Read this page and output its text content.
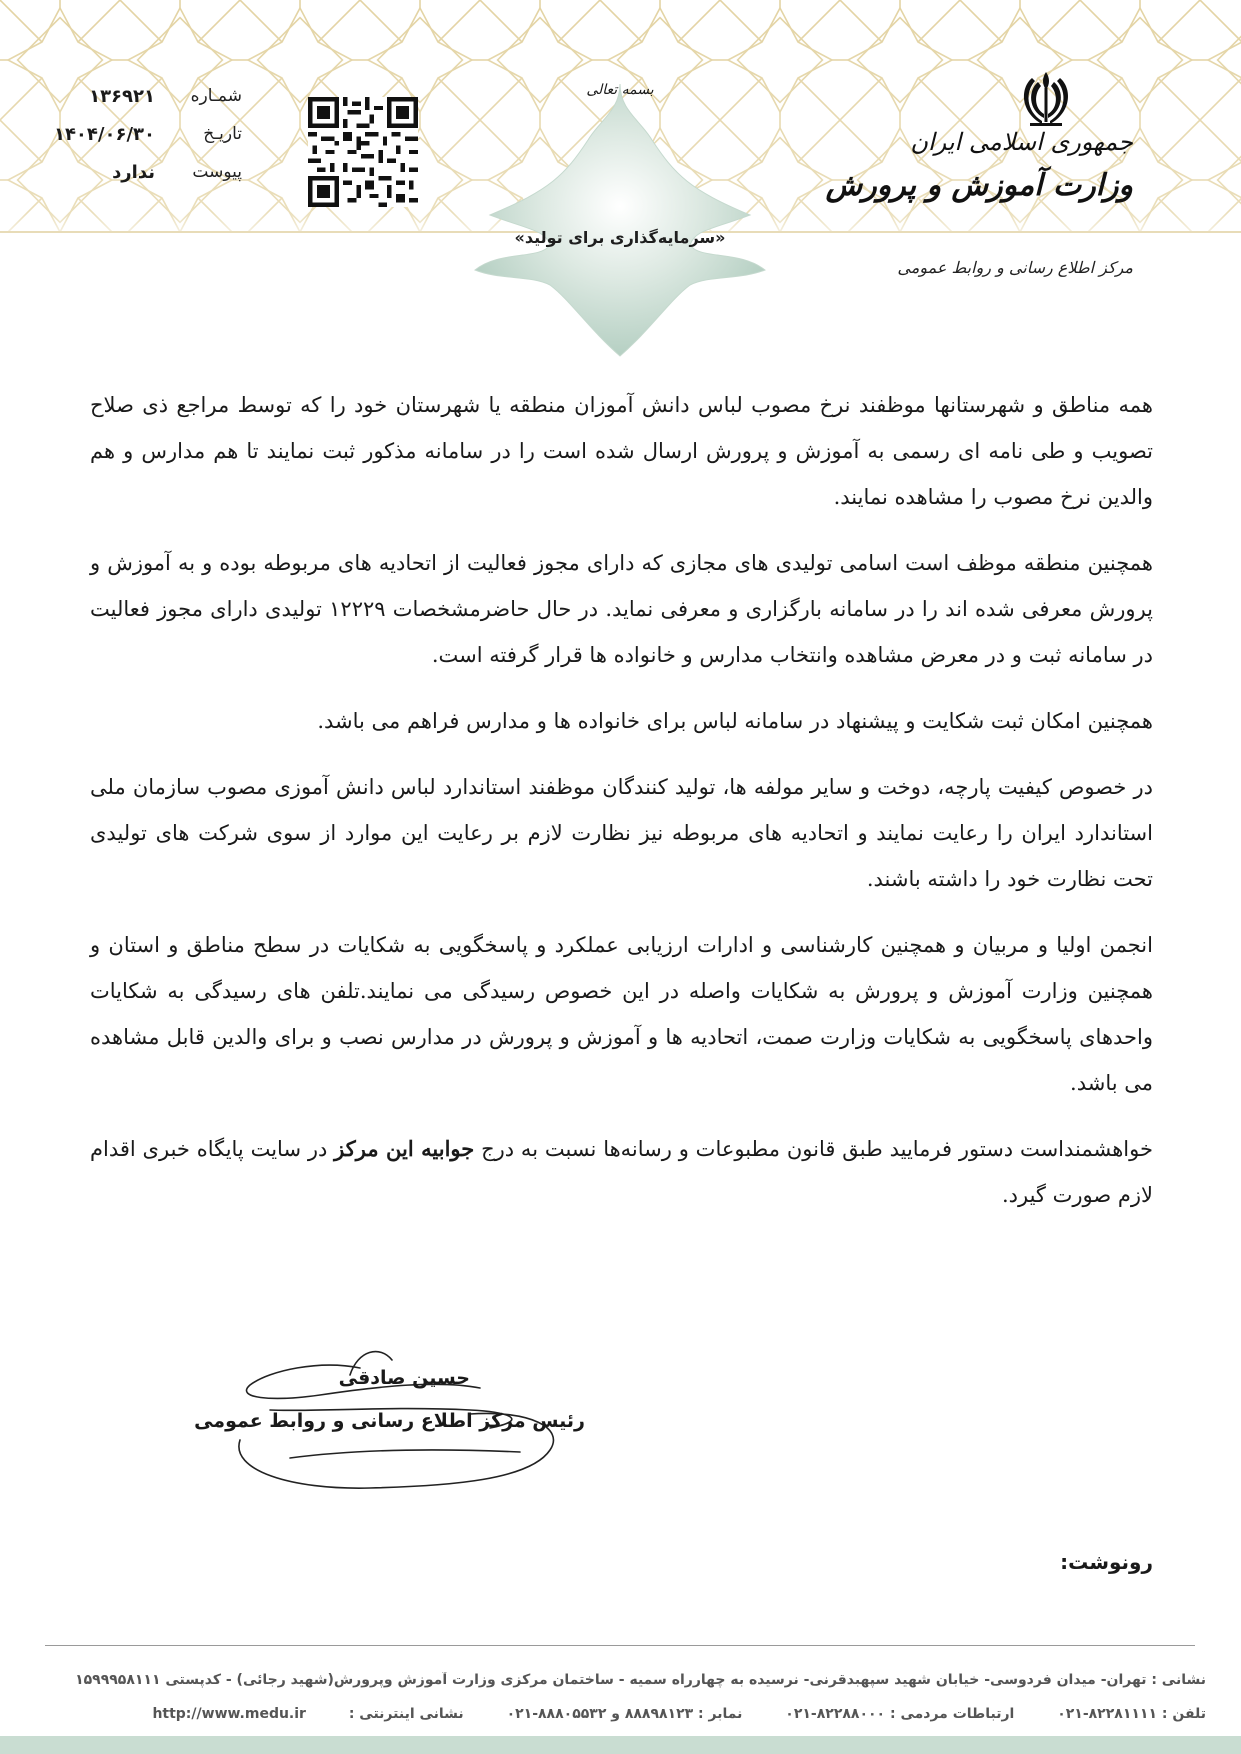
بسمه تعالی
«سرمایه‌گذاری برای تولید»
جمهوری اسلامی ایران
وزارت آموزش و پرورش
مرکز اطلاع رسانی و روابط عمومی
شمـاره
۱۳۶۹۲۱
تاریـخ
۱۴۰۴/۰۶/۳۰
پیوست
ندارد

همه مناطق و شهرستانها موظفند نرخ مصوب لباس دانش آموزان منطقه یا شهرستان خود را که توسط مراجع ذی صلاح تصویب و طی نامه ای رسمی به آموزش و پرورش ارسال شده است را در سامانه مذکور ثبت نمایند تا هم مدارس و هم والدین نرخ مصوب را مشاهده نمایند.

همچنین منطقه موظف است اسامی تولیدی های مجازی که دارای مجوز فعالیت از اتحادیه های مربوطه بوده و به آموزش و پرورش معرفی شده اند را در سامانه بارگزاری و معرفی نماید. در حال حاضرمشخصات ۱۲۲۲۹ تولیدی دارای مجوز فعالیت در سامانه ثبت و در معرض مشاهده وانتخاب مدارس و خانواده ها قرار گرفته است.

همچنین امکان ثبت شکایت و پیشنهاد در سامانه لباس برای خانواده ها و مدارس فراهم می باشد.

در خصوص کیفیت پارچه، دوخت و سایر مولفه ها، تولید کنندگان موظفند استاندارد لباس دانش آموزی مصوب سازمان ملی استاندارد ایران را رعایت نمایند و اتحادیه های مربوطه نیز نظارت لازم بر رعایت این موارد از سوی شرکت های تولیدی تحت نظارت خود را داشته باشند.

انجمن اولیا و مربیان و همچنین کارشناسی و ادارات ارزیابی عملکرد و پاسخگویی به شکایات در سطح مناطق و استان و همچنین وزارت آموزش و پرورش به شکایات واصله در این خصوص رسیدگی می نمایند.تلفن های رسیدگی به شکایات واحدهای پاسخگویی به شکایات وزارت صمت، اتحادیه ها و آموزش و پرورش در مدارس نصب و برای والدین قابل مشاهده می باشد.

خواهشمنداست دستور فرمایید طبق قانون مطبوعات و رسانه‌ها نسبت به درج جوابیه این مرکز در سایت پایگاه خبری اقدام لازم صورت گیرد.

حسین صادقی
رئیس مرکز اطلاع رسانی و روابط عمومی
رونوشت:
نشانی : تهران- میدان فردوسی- خیابان شهید سپهبدقرنی- نرسیده به چهارراه سمیه - ساختمان مرکزی وزارت آموزش وپرورش(شهید رجائی) - کدپستی ۱۵۹۹۹۵۸۱۱۱
تلفن : ۸۲۲۸۱۱۱۱-۰۲۱ ارتباطات مردمی : ۸۲۲۸۸۰۰۰-۰۲۱ نمابر : ۸۸۸۹۸۱۲۳ و ۸۸۸۰۵۵۳۲-۰۲۱ نشانی اینترنتی : http://www.medu.ir
